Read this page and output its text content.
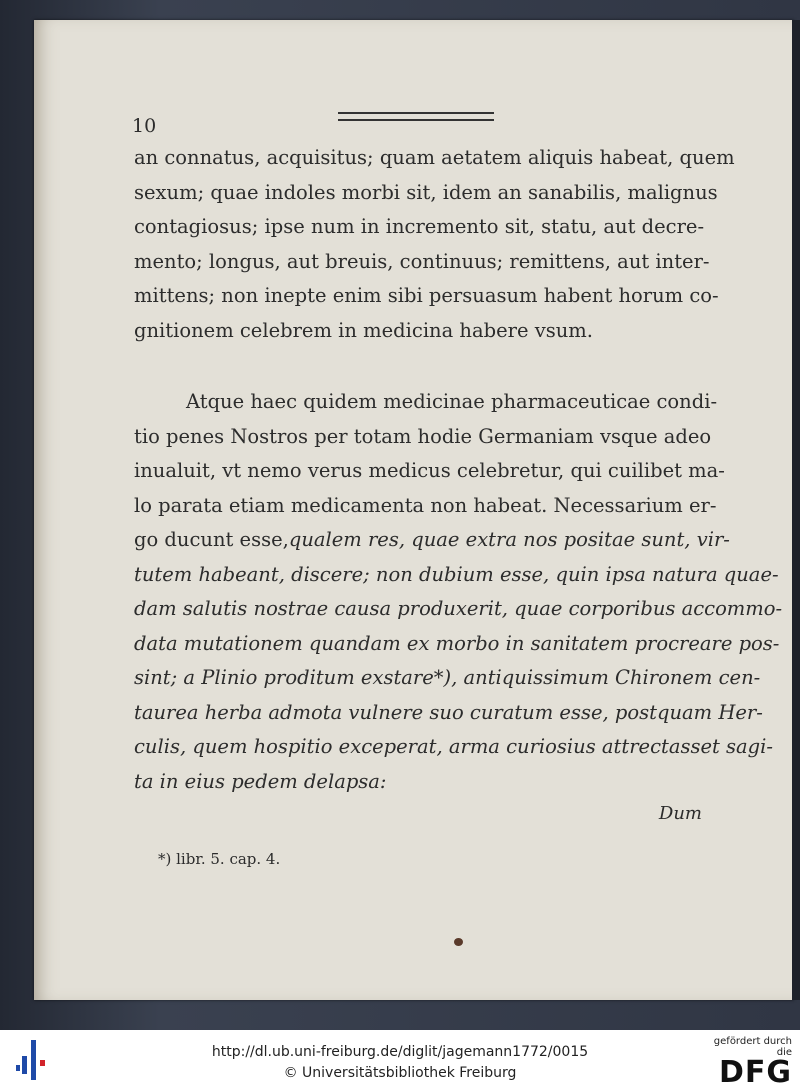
10
an connatus, acquisitus; quam aetatem aliquis habeat, quem
sexum; quae indoles morbi sit, idem an sanabilis, malignus
contagiosus; ipse num in incremento sit, statu, aut decre-
mento; longus, aut breuis, continuus; remittens, aut inter-
mittens; non inepte enim sibi persuasum habent horum co-
gnitionem celebrem in medicina habere vsum.
Atque haec quidem medicinae pharmaceuticae condi-
tio penes Nostros per totam hodie Germaniam vsque adeo
inualuit, vt nemo verus medicus celebretur, qui cuilibet ma-
lo parata etiam medicamenta non habeat. Necessarium er-
go ducunt esse, qualem res, quae extra nos positae sunt, vir-
tutem habeant, discere; non dubium esse, quin ipsa natura quae-
dam salutis nostrae causa produxerit, quae corporibus accommo-
data mutationem quandam ex morbo in sanitatem procreare pos-
sint; a Plinio proditum exstare*), antiquissimum Chironem cen-
taurea herba admota vulnere suo curatum esse, postquam Her-
culis, quem hospitio exceperat, arma curiosius attrectasset sagi-
ta in eius pedem delapsa:
Dum
*) libr. 5. cap. 4.
http://dl.ub.uni-freiburg.de/diglit/jagemann1772/0015
© Universitätsbibliothek Freiburg
gefördert durch die
DFG
